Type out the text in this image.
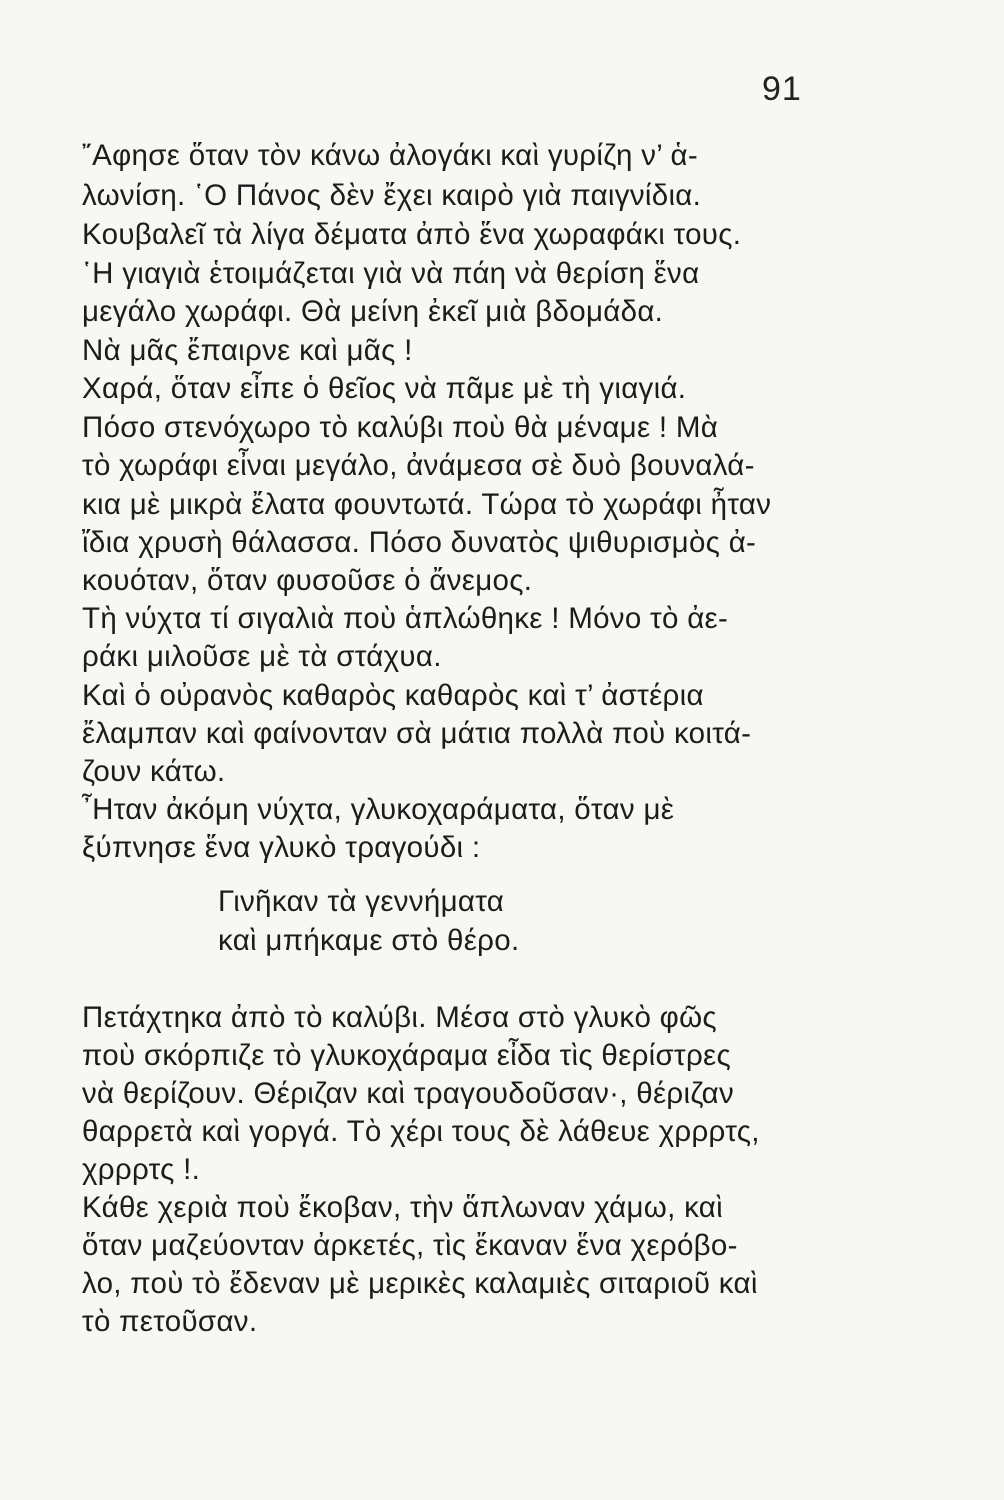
91
῎Αφησε ὅταν τὸν κάνω ἀλογάκι καὶ γυρίζη ν’ ἁ-
λωνίση. ῾Ο Πάνος δὲν ἔχει καιρὸ γιὰ παιγνίδια.
Κουβαλεῖ τὰ λίγα δέματα ἀπὸ ἕνα χωραφάκι τους.
῾Η γιαγιὰ ἑτοιμάζεται γιὰ νὰ πάη νὰ θερίση ἕνα
μεγάλο χωράφι. Θὰ μείνη ἐκεῖ μιὰ βδομάδα.
Νὰ μᾶς ἔπαιρνε καὶ μᾶς !
Χαρά, ὅταν εἶπε ὁ θεῖος νὰ πᾶμε μὲ τὴ γιαγιά.
Πόσο στενόχωρο τὸ καλύβι ποὺ θὰ μέναμε ! Μὰ
τὸ χωράφι εἶναι μεγάλο, ἀνάμεσα σὲ δυὸ βουναλά-
κια μὲ μικρὰ ἔλατα φουντωτά. Τώρα τὸ χωράφι ἦταν
ἴδια χρυσὴ θάλασσα. Πόσο δυνατὸς ψιθυρισμὸς ἀ-
κουόταν, ὅταν φυσοῦσε ὁ ἄνεμος.
Τὴ νύχτα τί σιγαλιὰ ποὺ ἁπλώθηκε ! Μόνο τὸ ἀε-
ράκι μιλοῦσε μὲ τὰ στάχυα.
Καὶ ὁ οὐρανὸς καθαρὸς καθαρὸς καὶ τ’ ἀστέρια
ἔλαμπαν καὶ φαίνονταν σὰ μάτια πολλὰ ποὺ κοιτά-
ζουν κάτω.
῏Ηταν ἀκόμη νύχτα, γλυκοχαράματα, ὅταν μὲ
ξύπνησε ἕνα γλυκὸ τραγούδι :
Γινῆκαν τὰ γεννήματα
καὶ μπήκαμε στὸ θέρο.
Πετάχτηκα ἀπὸ τὸ καλύβι. Μέσα στὸ γλυκὸ φῶς
ποὺ σκόρπιζε τὸ γλυκοχάραμα εἶδα τὶς θερίστρες
νὰ θερίζουν. Θέριζαν καὶ τραγουδοῦσαν·, θέριζαν
θαρρετὰ καὶ γοργά. Τὸ χέρι τους δὲ λάθευε χρρρτς,
χρρρτς !.
Κάθε χεριὰ ποὺ ἔκοβαν, τὴν ἅπλωναν χάμω, καὶ
ὅταν μαζεύονταν ἀρκετές, τὶς ἔκαναν ἕνα χερόβο-
λο, ποὺ τὸ ἔδεναν μὲ μερικὲς καλαμιὲς σιταριοῦ καὶ
τὸ πετοῦσαν.
